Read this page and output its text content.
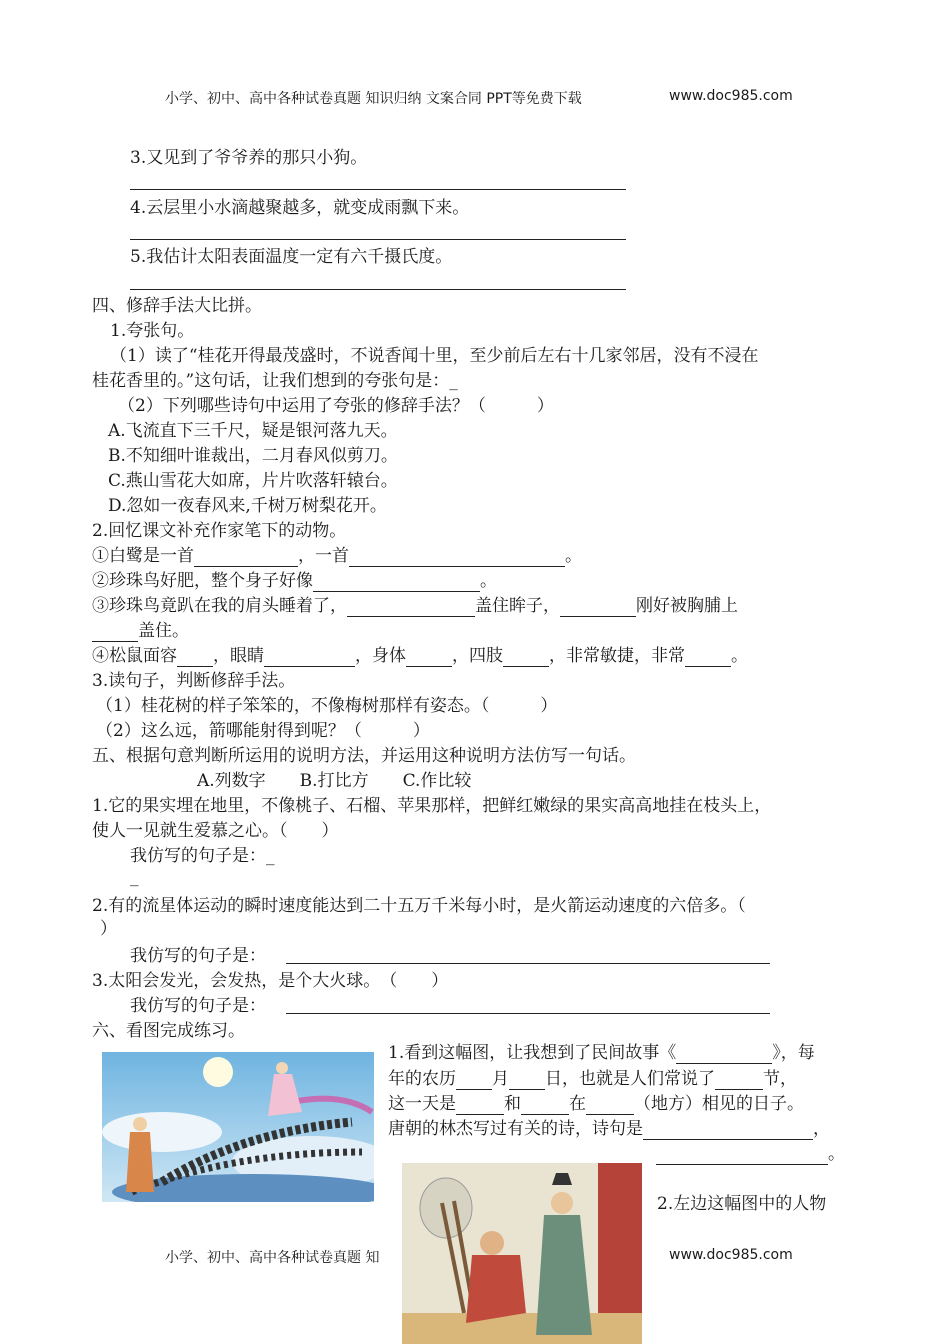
小学、初中、高中各种试卷真题 知识归纳 文案合同 PPT等免费下载	www.doc985.com
3.又见到了爷爷养的那只小狗。
4.云层里小水滴越聚越多，就变成雨飘下来。
5.我估计太阳表面温度一定有六千摄氏度。
四、修辞手法大比拼。
1.夸张句。
（1）读了“桂花开得最茂盛时，不说香闻十里，至少前后左右十几家邻居，没有不浸在
桂花香里的。”这句话，让我们想到的夸张句是：_
（2）下列哪些诗句中运用了夸张的修辞手法？（　　　）
A.飞流直下三千尺，疑是银河落九天。
B.不知细叶谁裁出，二月春风似剪刀。
C.燕山雪花大如席，片片吹落轩辕台。
D.忽如一夜春风来,千树万树梨花开。
2.回忆课文补充作家笔下的动物。
①白鹭是一首	，一首	。
②珍珠鸟好肥，整个身子好像	。
③珍珠鸟竟趴在我的肩头睡着了，	盖住眸子，	刚好被胸脯上
盖住。
④松鼠面容 ，眼睛	，身体	，四肢	，非常敏捷，非常	。
3.读句子，判断修辞手法。
（1）桂花树的样子笨笨的，不像梅树那样有姿态。（　　　）
（2）这么远，箭哪能射得到呢？（　　　）
五、根据句意判断所运用的说明方法，并运用这种说明方法仿写一句话。
A.列数字　　B.打比方　　C.作比较
1.它的果实埋在地里，不像桃子、石榴、苹果那样，把鲜红嫩绿的果实高高地挂在枝头上，
使人一见就生爱慕之心。（　　）
我仿写的句子是：_
_
2.有的流星体运动的瞬时速度能达到二十五万千米每小时，是火箭运动速度的六倍多。（
）
我仿写的句子是：
3.太阳会发光，会发热，是个大火球。　（　　）
我仿写的句子是：
六、看图完成练习。
1.看到这幅图，让我想到了民间故事《	》，每
年的农历 月 日，也就是人们常说了	节，
这一天是	和	在	（地方）相见的日子。
唐朝的林杰写过有关的诗，诗句是	，
。
2.左边这幅图中的人物
小学、初中、高中各种试卷真题 知	www.doc985.com
